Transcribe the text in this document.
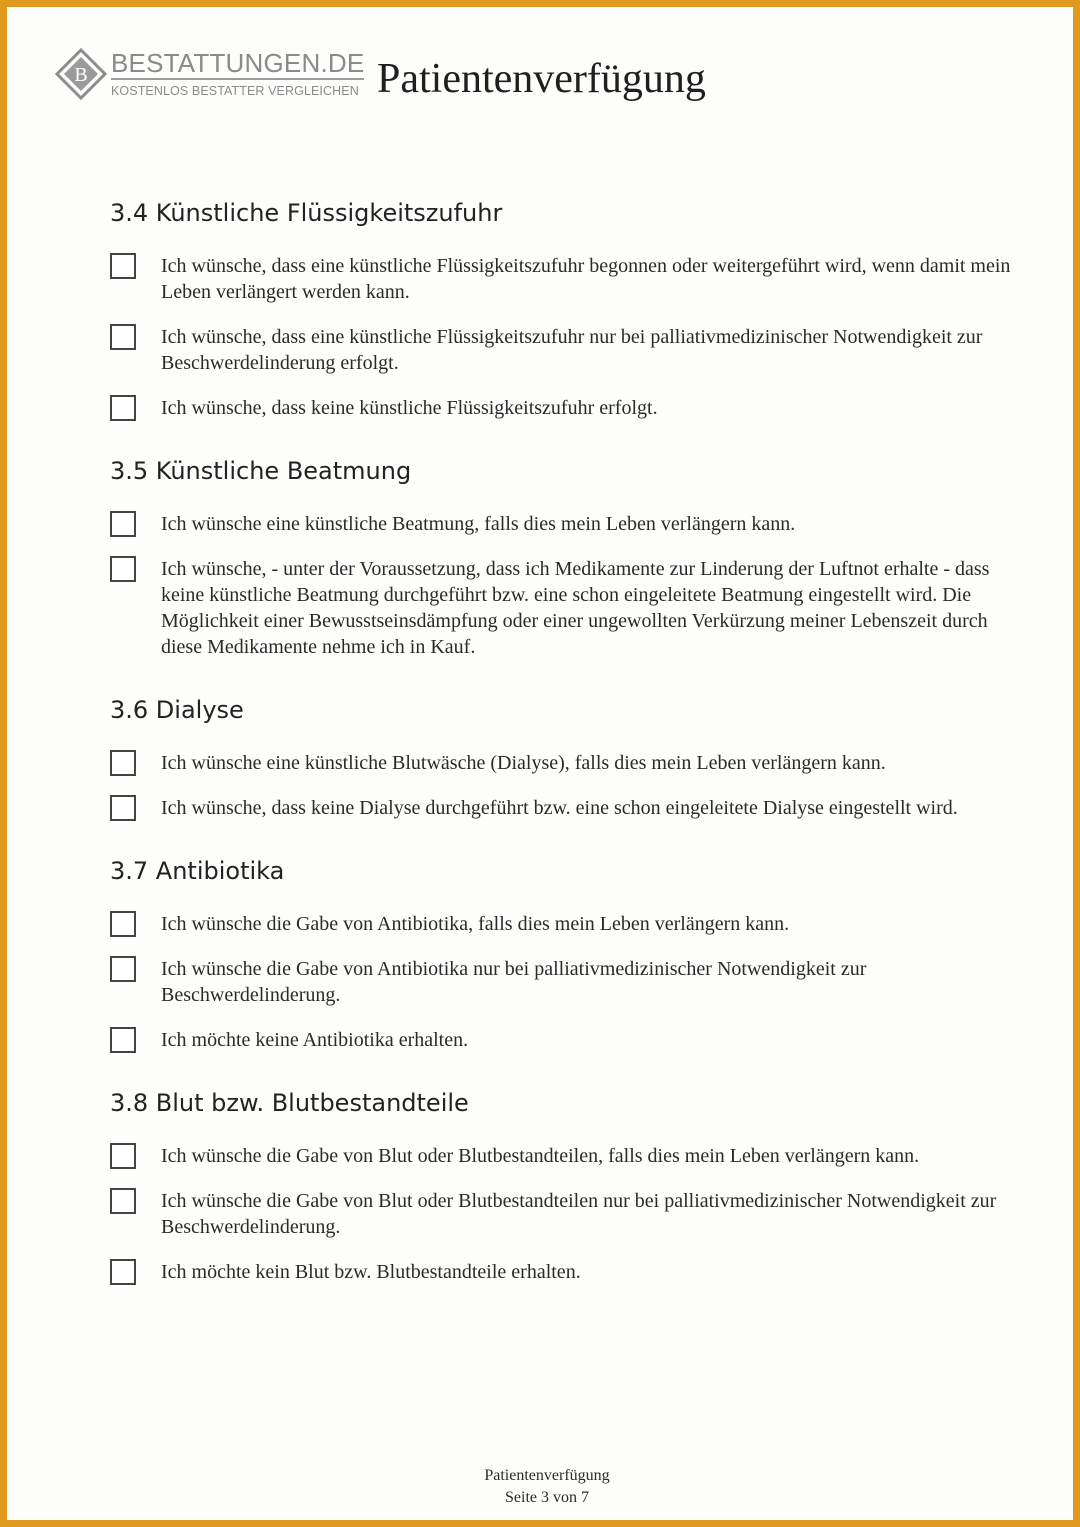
B BESTATTUNGEN.DE
KOSTENLOS BESTATTER VERGLEICHEN Patientenverfügung
3.4 Künstliche Flüssigkeitszufuhr
Ich wünsche, dass eine künstliche Flüssigkeitszufuhr begonnen oder weitergeführt wird, wenn damit mein Leben verlängert werden kann.
Ich wünsche, dass eine künstliche Flüssigkeitszufuhr nur bei palliativmedizinischer Notwendigkeit zur Beschwerdelinderung erfolgt.
Ich wünsche, dass keine künstliche Flüssigkeitszufuhr erfolgt.
3.5 Künstliche Beatmung
Ich wünsche eine künstliche Beatmung, falls dies mein Leben verlängern kann.
Ich wünsche, - unter der Voraussetzung, dass ich Medikamente zur Linderung der Luftnot erhalte - dass keine künstliche Beatmung durchgeführt bzw. eine schon eingeleitete Beatmung eingestellt wird. Die Möglichkeit einer Bewusstseinsdämpfung oder einer ungewollten Verkürzung meiner Lebenszeit durch diese Medikamente nehme ich in Kauf.
3.6 Dialyse
Ich wünsche eine künstliche Blutwäsche (Dialyse), falls dies mein Leben verlängern kann.
Ich wünsche, dass keine Dialyse durchgeführt bzw. eine schon eingeleitete Dialyse eingestellt wird.
3.7 Antibiotika
Ich wünsche die Gabe von Antibiotika, falls dies mein Leben verlängern kann.
Ich wünsche die Gabe von Antibiotika nur bei palliativmedizinischer Notwendigkeit zur Beschwerdelinderung.
Ich möchte keine Antibiotika erhalten.
3.8 Blut bzw. Blutbestandteile
Ich wünsche die Gabe von Blut oder Blutbestandteilen, falls dies mein Leben verlängern kann.
Ich wünsche die Gabe von Blut oder Blutbestandteilen nur bei palliativmedizinischer Notwendigkeit zur Beschwerdelinderung.
Ich möchte kein Blut bzw. Blutbestandteile erhalten.
Patientenverfügung
Seite 3 von 7
